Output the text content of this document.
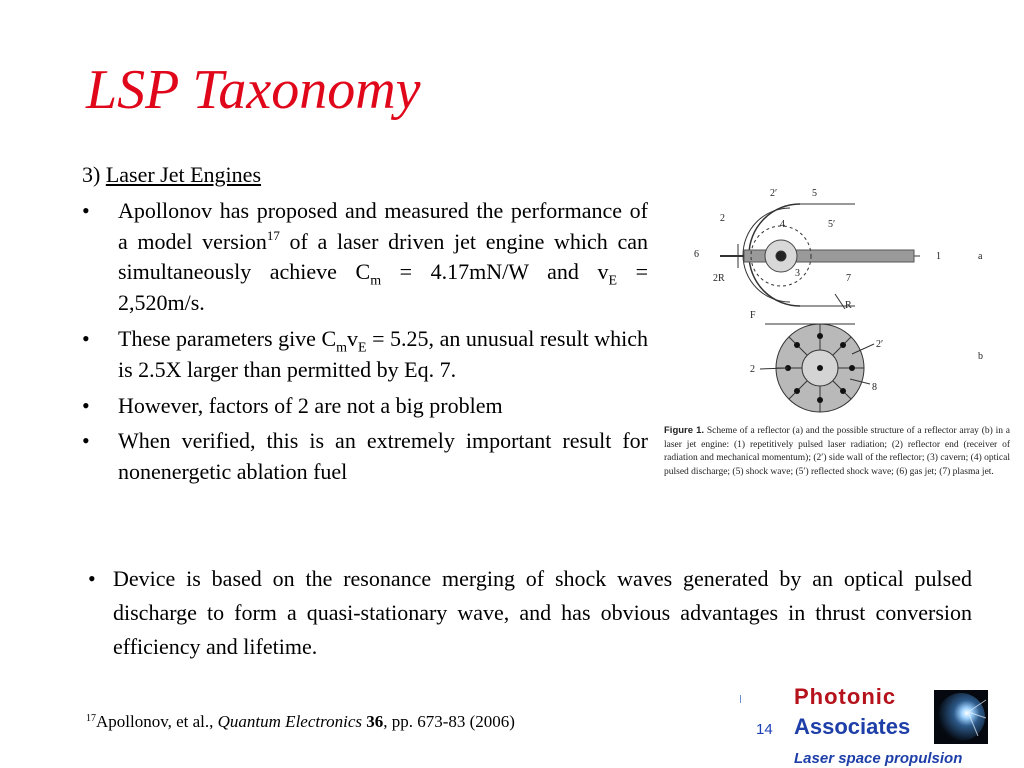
LSP Taxonomy
3) Laser Jet Engines
• Apollonov has proposed and measured the performance of a model version$^{17}$ of a laser driven jet engine which can simultaneously achieve $C_m = 4.17mN/W$ and $v_E = 2,520m/s$.
• These parameters give $C_mv_E = 5.25$, an unusual result which is 2.5X larger than permitted by Eq. 7.
• However, factors of 2 are not a big problem
• When verified, this is an extremely important result for nonenergetic ablation fuel
2′	5
2
4	5′
6	1	a
2R	3	7
F
R
b
2′
2
8
Figure 1. Scheme of a reflector (a) and the possible structure of a reflector array (b) in a laser jet engine: (1) repetitively pulsed laser radiation; (2) reflector end (receiver of radiation and mechanical momentum); (2′) side wall of the reflector; (3) cavern; (4) optical pulsed discharge; (5) shock wave; (5′) reflected shock wave; (6) gas jet; (7) plasma jet.
• Device is based on the resonance merging of shock waves generated by an optical pulsed discharge to form a quasi-stationary wave, and has obvious advantages in thrust conversion efficiency and lifetime.
$^{17}$Apollonov, et al., Quantum Electronics 36, pp. 673-83 (2006)	14
Photonic
Associates
Laser space propulsion
